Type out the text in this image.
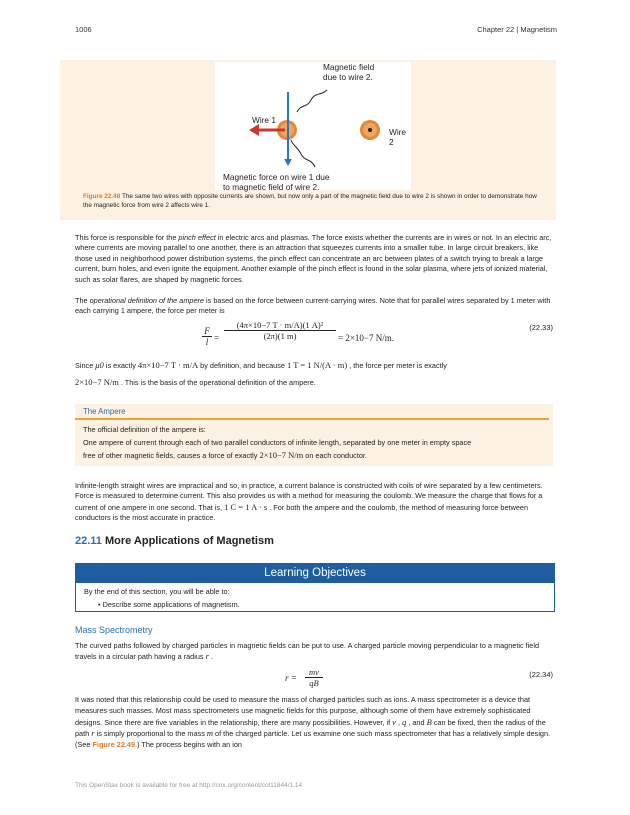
1006	Chapter 22 | Magnetism
Magnetic field
due to wire 2.
Wire 1
Wire 2
Magnetic force on wire 1 due
to magnetic field of wire 2.
Figure 22.48 The same two wires with opposite currents are shown, but now only a part of the magnetic field due to wire 2 is shown in order to demonstrate how the magnetic force from wire 2 affects wire 1.
This force is responsible for the pinch effect in electric arcs and plasmas. The force exists whether the currents are in wires or not. In an electric arc, where currents are moving parallel to one another, there is an attraction that squeezes currents into a smaller tube. In large circuit breakers, like those used in neighborhood power distribution systems, the pinch effect can concentrate an arc between plates of a switch trying to break a large current, burn holes, and even ignite the equipment. Another example of the pinch effect is found in the solar plasma, where jets of ionized material, such as solar flares, are shaped by magnetic forces.
The operational definition of the ampere is based on the force between current-carrying wires. Note that for parallel wires separated by 1 meter with each carrying 1 ampere, the force per meter is
F
l =
(4π×10−7 T · m/A)(1 A)²
(2π)(1 m)	= 2×10−7 N/m.
(22.33)
Since μ0 is exactly 4π×10−7 T · m/A by definition, and because 1 T = 1 N/(A · m) , the force per meter is exactly
2×10−7 N/m . This is the basis of the operational definition of the ampere.
The Ampere
The official definition of the ampere is:
One ampere of current through each of two parallel conductors of infinite length, separated by one meter in empty space
free of other magnetic fields, causes a force of exactly 2×10−7 N/m on each conductor.
Infinite-length straight wires are impractical and so, in practice, a current balance is constructed with coils of wire separated by a few centimeters. Force is measured to determine current. This also provides us with a method for measuring the coulomb. We measure the charge that flows for a current of one ampere in one second. That is, 1 C = 1 A · s . For both the ampere and the coulomb, the method of measuring force between conductors is the most accurate in practice.
22.11 More Applications of Magnetism
Learning Objectives
By the end of this section, you will be able to:
• Describe some applications of magnetism.
Mass Spectrometry
The curved paths followed by charged particles in magnetic fields can be put to use. A charged particle moving perpendicular to a magnetic field travels in a circular path having a radius r .
r =
mv
qB
(22.34)
It was noted that this relationship could be used to measure the mass of charged particles such as ions. A mass spectrometer is a device that measures such masses. Most mass spectrometers use magnetic fields for this purpose, although some of them have extremely sophisticated designs. Since there are five variables in the relationship, there are many possibilities. However, if v , q , and B can be fixed, then the radius of the path r is simply proportional to the mass m of the charged particle. Let us examine one such mass spectrometer that has a relatively simple design. (See Figure 22.49.) The process begins with an ion
This OpenStax book is available for free at http://cnx.org/content/col11844/1.14
